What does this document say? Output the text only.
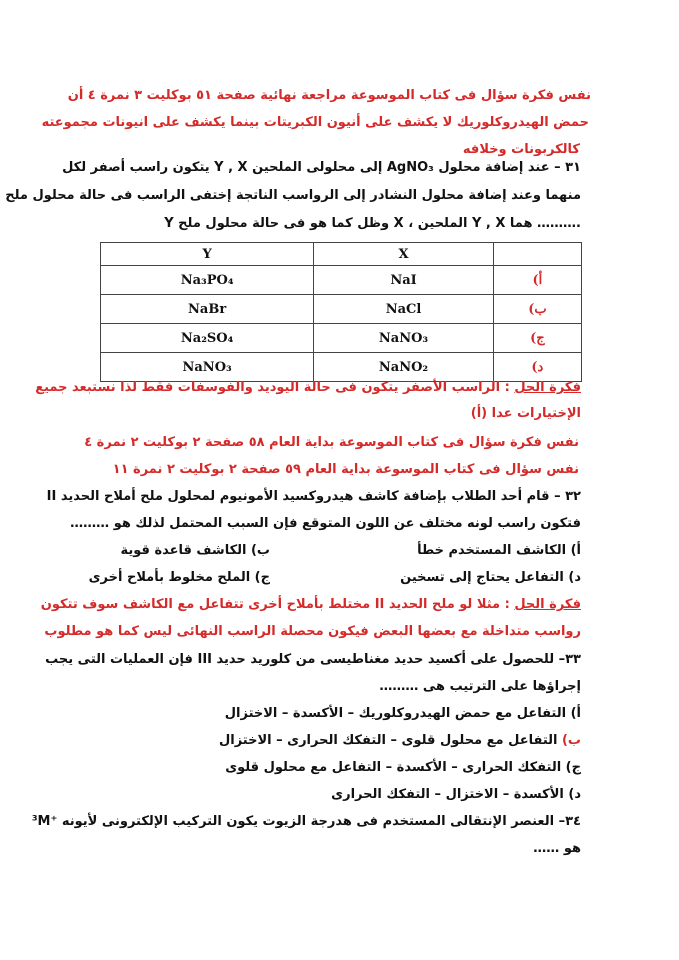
نفس فكرة سؤال فى كتاب الموسوعة مراجعة نهائية صفحة ٥١ بوكليت ٣ نمرة ٤ أن
حمض الهيدروكلوريك لا يكشف على أنيون الكبريتات بينما يكشف على انيونات مجموعته
كالكربونات وخلافه
٣١ – عند إضافة محلول AgNO₃ إلى محلولى الملحين Y , X يتكون راسب أصفر لكل
منهما وعند إضافة محلول النشادر إلى الرواسب الناتجة إختفى الراسب فى حالة محلول ملح
Y وظل كما هو فى حالة محلول ملح X ، الملحين Y , X هما ……….
	X	Y
أ)	NaI	Na₃PO₄
ب)	NaCl	NaBr
ج)	NaNO₃	Na₂SO₄
د)	NaNO₂	NaNO₃
فكرة الحل : الراسب الأصفر يتكون فى حالة اليوديد والفوسفات فقط لذا نستبعد جميع
الإختيارات عدا (أ)
نفس فكرة سؤال فى كتاب الموسوعة بداية العام ٥٨ صفحة ٢ بوكليت ٢ نمرة ٤
نفس سؤال فى كتاب الموسوعة بداية العام ٥٩ صفحة ٢ بوكليت ٢ نمرة ١١
٣٢ – قام أحد الطلاب بإضافة كاشف هيدروكسيد الأمونيوم لمحلول ملح أملاح الحديد II
فتكون راسب لونه مختلف عن اللون المتوقع فإن السبب المحتمل لذلك هو ………
أ) الكاشف المستخدم خطأ
ب) الكاشف قاعدة قوية
د) التفاعل يحتاج إلى تسخين
ج) الملح مخلوط بأملاح أخرى
فكرة الحل : مثلا لو ملح الحديد II مختلط بأملاح أخرى تتفاعل مع الكاشف سوف تتكون
رواسب متداخلة مع بعضها البعض فيكون محصلة الراسب النهائى ليس كما هو مطلوب
٣٣– للحصول على أكسيد حديد مغناطيسى من كلوريد حديد III فإن العمليات التى يجب
إجراؤها على الترتيب هى ………
أ) التفاعل مع حمض الهيدروكلوريك – الأكسدة – الاختزال
ب) التفاعل مع محلول قلوى – التفكك الحرارى – الاختزال
ج) التفكك الحرارى – الأكسدة – التفاعل مع محلول قلوى
د) الأكسدة – الاختزال – التفكك الحرارى
٣٤– العنصر الإنتقالى المستخدم فى هدرجة الزيوت يكون التركيب الإلكترونى لأيونه ⁺³M
هو ……
